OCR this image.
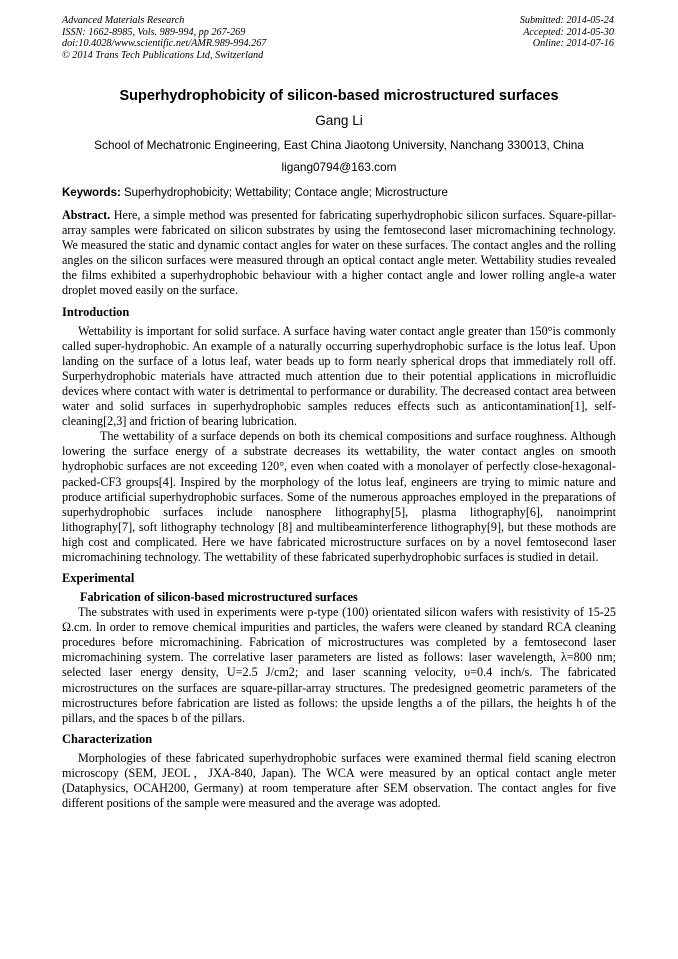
Advanced Materials Research
ISSN: 1662-8985, Vols. 989-994, pp 267-269
doi:10.4028/www.scientific.net/AMR.989-994.267
© 2014 Trans Tech Publications Ltd, Switzerland
Submitted: 2014-05-24
Accepted: 2014-05-30
Online: 2014-07-16
Superhydrophobicity of silicon-based microstructured surfaces
Gang Li
School of Mechatronic Engineering, East China Jiaotong University, Nanchang 330013, China
ligang0794@163.com
Keywords: Superhydrophobicity; Wettability; Contace angle; Microstructure

Abstract. Here, a simple method was presented for fabricating superhydrophobic silicon surfaces. Square-pillar-array samples were fabricated on silicon substrates by using the femtosecond laser micromachining technology. We measured the static and dynamic contact angles for water on these surfaces. The contact angles and the rolling angles on the silicon surfaces were measured through an optical contact angle meter. Wettability studies revealed the films exhibited a superhydrophobic behaviour with a higher contact angle and lower rolling angle-a water droplet moved easily on the surface.

Introduction

Wettability is important for solid surface. A surface having water contact angle greater than 150°is commonly called super-hydrophobic. An example of a naturally occurring superhydrophobic surface is the lotus leaf. Upon landing on the surface of a lotus leaf, water beads up to form nearly spherical drops that immediately roll off. Surperhydrophobic materials have attracted much attention due to their potential applications in microfluidic devices where contact with water is detrimental to performance or durability. The decreased contact area between water and solid surfaces in superhydrophobic samples reduces effects such as anticontamination[1], self-cleaning[2,3] and friction of bearing lubrication.

The wettability of a surface depends on both its chemical compositions and surface roughness. Although lowering the surface energy of a substrate decreases its wettability, the water contact angles on smooth hydrophobic surfaces are not exceeding 120°, even when coated with a monolayer of perfectly close-hexagonal-packed-CF3 groups[4]. Inspired by the morphology of the lotus leaf, engineers are trying to mimic nature and produce artificial superhydrophobic surfaces. Some of the numerous approaches employed in the preparations of superhydrophobic surfaces include nanosphere lithography[5], plasma lithography[6], nanoimprint lithography[7], soft lithography technology [8] and multibeaminterference lithography[9], but these mothods are high cost and complicated. Here we have fabricated microstructure surfaces on by a novel femtosecond laser micromachining technology. The wettability of these fabricated superhydrophobic surfaces is studied in detail.

Experimental
Fabrication of silicon-based microstructured surfaces

The substrates with used in experiments were p-type (100) orientated silicon wafers with resistivity of 15-25 Ω.cm. In order to remove chemical impurities and particles, the wafers were cleaned by standard RCA cleaning procedures before micromachining. Fabrication of microstructures was completed by a femtosecond laser micromachining system. The correlative laser parameters are listed as follows: laser wavelength, λ=800 nm; selected laser energy density, U=2.5 J/cm2; and laser scanning velocity, υ=0.4 inch/s. The fabricated microstructures on the surfaces are square-pillar-array structures. The predesigned geometric parameters of the microstructures before fabrication are listed as follows: the upside lengths a of the pillars, the heights h of the pillars, and the spaces b of the pillars.

Characterization

Morphologies of these fabricated superhydrophobic surfaces were examined thermal field scaning electron microscopy (SEM, JEOL，JXA-840, Japan). The WCA were measured by an optical contact angle meter (Dataphysics, OCAH200, Germany) at room temperature after SEM observation. The contact angles for five different positions of the sample were measured and the average was adopted.
